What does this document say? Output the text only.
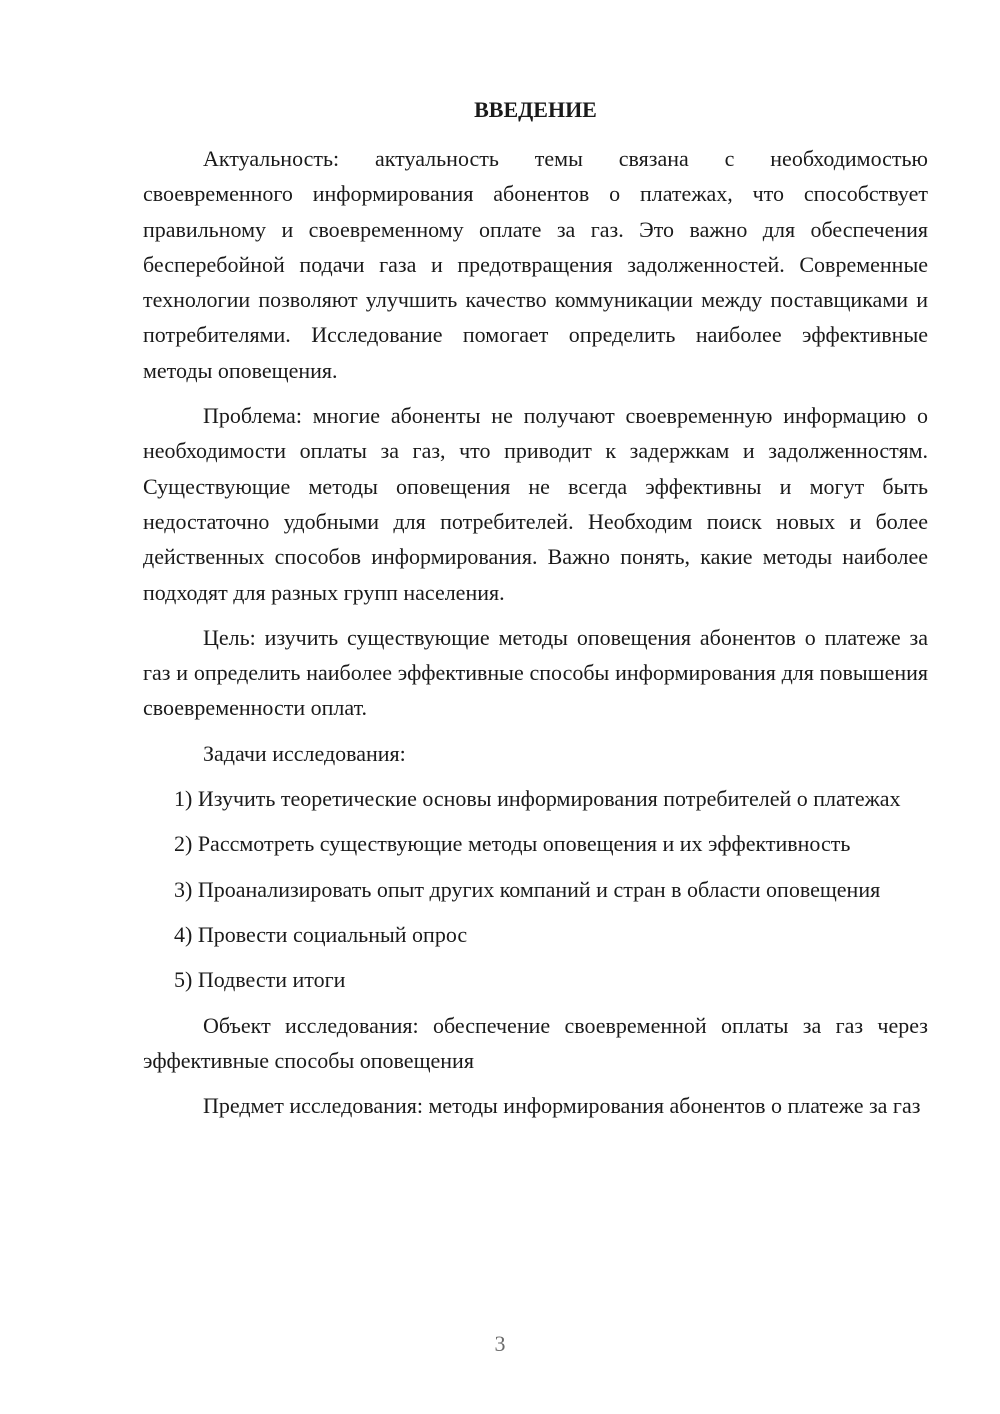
ВВЕДЕНИЕ

Актуальность: актуальность темы связана с необходимостью своевременного информирования абонентов о платежах, что способствует правильному и своевременному оплате за газ. Это важно для обеспечения бесперебойной подачи газа и предотвращения задолженностей. Современные технологии позволяют улучшить качество коммуникации между поставщиками и потребителями. Исследование помогает определить наиболее эффективные методы оповещения.

Проблема: многие абоненты не получают своевременную информацию о необходимости оплаты за газ, что приводит к задержкам и задолженностям. Существующие методы оповещения не всегда эффективны и могут быть недостаточно удобными для потребителей. Необходим поиск новых и более действенных способов информирования. Важно понять, какие методы наиболее подходят для разных групп населения.

Цель: изучить существующие методы оповещения абонентов о платеже за газ и определить наиболее эффективные способы информирования для повышения своевременности оплат.

Задачи исследования:

1) Изучить теоретические основы информирования потребителей о платежах

2) Рассмотреть существующие методы оповещения и их эффективность

3) Проанализировать опыт других компаний и стран в области оповещения

4) Провести социальный опрос

5) Подвести итоги

Объект исследования: обеспечение своевременной оплаты за газ через эффективные способы оповещения

Предмет исследования: методы информирования абонентов о платеже за газ

3
